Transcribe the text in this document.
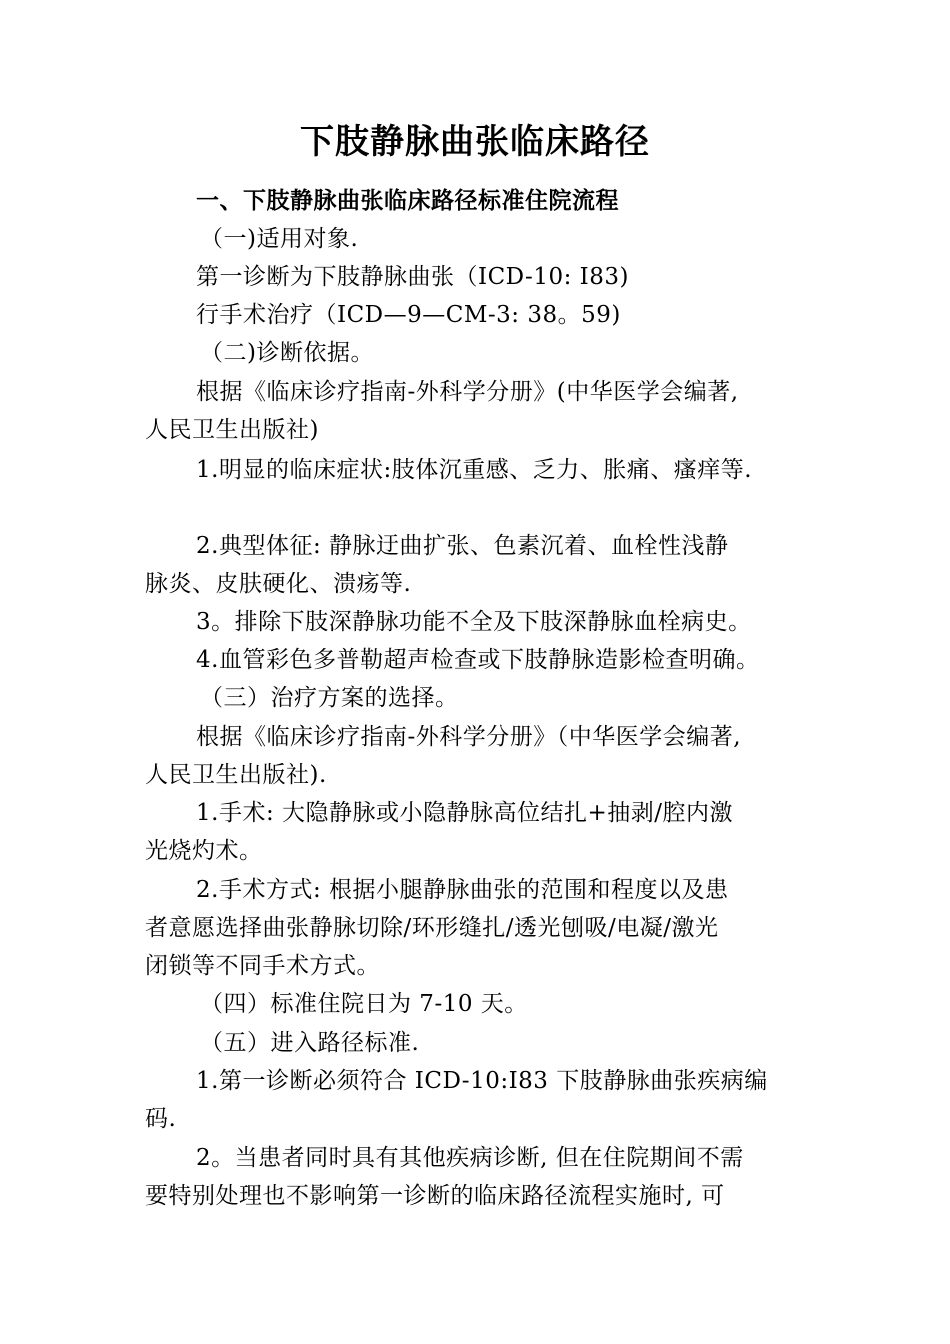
下肢静脉曲张临床路径
一、下肢静脉曲张临床路径标准住院流程
（一)适用对象.
第一诊断为下肢静脉曲张（ICD-10: I83)
行手术治疗（ICD—9—CM-3: 38。59)
（二)诊断依据。
根据《临床诊疗指南-外科学分册》(中华医学会编著,
人民卫生出版社)
1.明显的临床症状:肢体沉重感、乏力、胀痛、瘙痒等.
2.典型体征: 静脉迂曲扩张、色素沉着、血栓性浅静
脉炎、皮肤硬化、溃疡等.
3。排除下肢深静脉功能不全及下肢深静脉血栓病史。
4.血管彩色多普勒超声检查或下肢静脉造影检查明确。
（三）治疗方案的选择。
根据《临床诊疗指南-外科学分册》（中华医学会编著,
人民卫生出版社).
1.手术: 大隐静脉或小隐静脉高位结扎+抽剥/腔内激
光烧灼术。
2.手术方式: 根据小腿静脉曲张的范围和程度以及患
者意愿选择曲张静脉切除/环形缝扎/透光刨吸/电凝/激光
闭锁等不同手术方式。
（四）标准住院日为 7-10 天。
（五）进入路径标准.
1.第一诊断必须符合 ICD-10:I83 下肢静脉曲张疾病编
码.
2。当患者同时具有其他疾病诊断, 但在住院期间不需
要特别处理也不影响第一诊断的临床路径流程实施时, 可
